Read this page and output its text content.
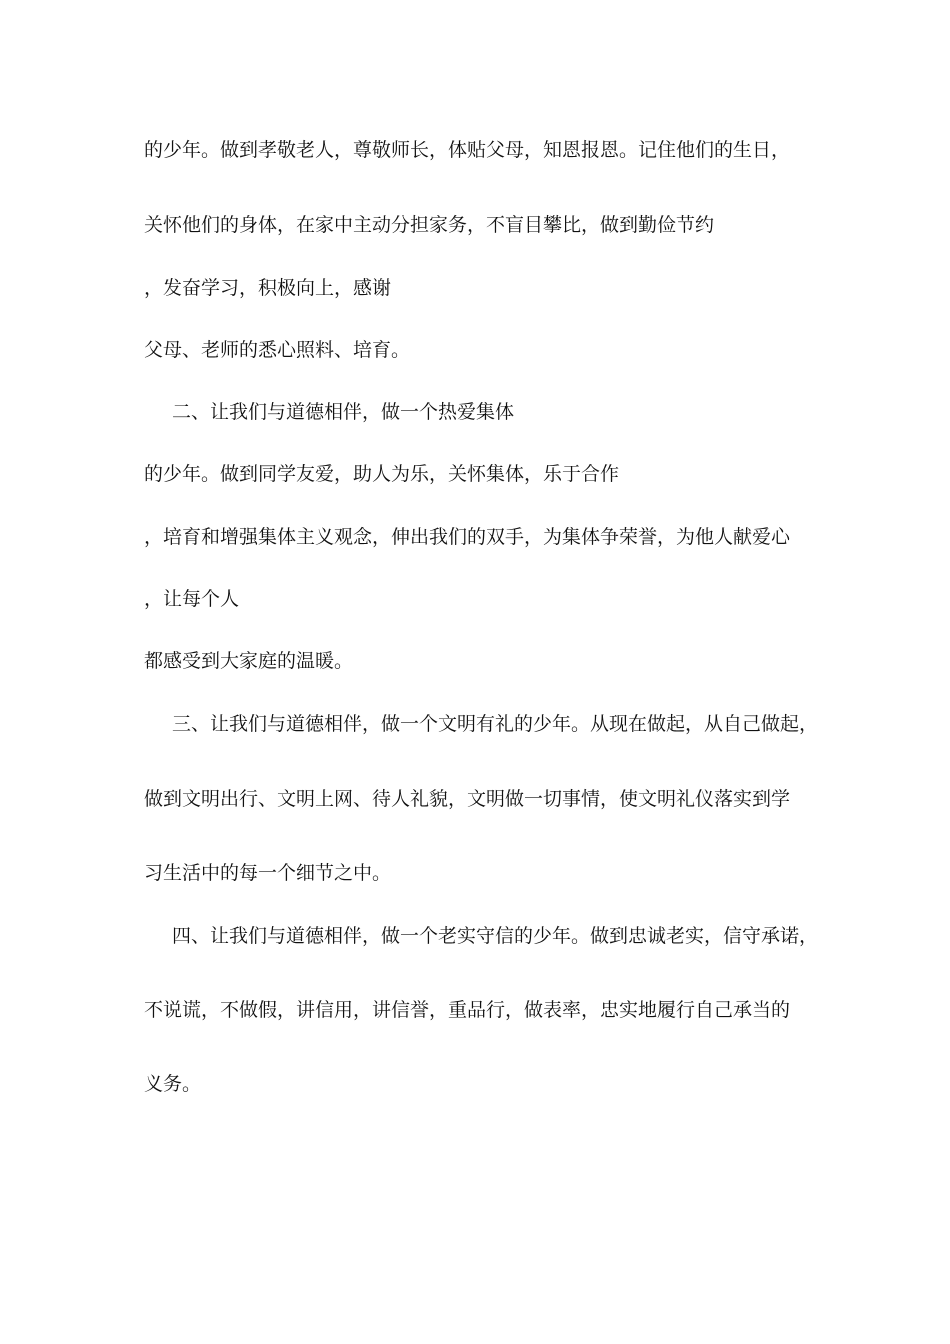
的少年。做到孝敬老人，尊敬师长，体贴父母，知恩报恩。记住他们的生日，

关怀他们的身体，在家中主动分担家务，不盲目攀比，做到勤俭节约

，发奋学习，积极向上，感谢

父母、老师的悉心照料、培育。

二、让我们与道德相伴，做一个热爱集体

的少年。做到同学友爱，助人为乐，关怀集体，乐于合作

，培育和增强集体主义观念，伸出我们的双手，为集体争荣誉，为他人献爱心

，让每个人

都感受到大家庭的温暖。

三、让我们与道德相伴，做一个文明有礼的少年。从现在做起，从自己做起，

做到文明出行、文明上网、待人礼貌，文明做一切事情，使文明礼仪落实到学

习生活中的每一个细节之中。

四、让我们与道德相伴，做一个老实守信的少年。做到忠诚老实，信守承诺，

不说谎，不做假，讲信用，讲信誉，重品行，做表率，忠实地履行自己承当的

义务。
